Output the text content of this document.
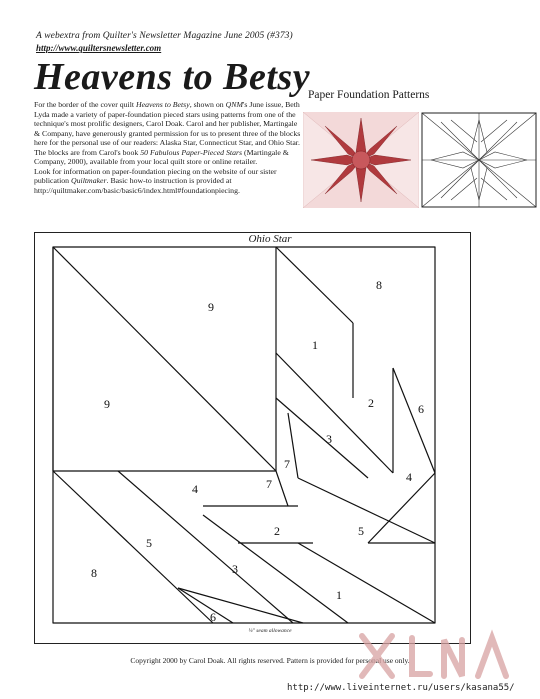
A webextra from Quilter's Newsletter Magazine June 2005 (#373)
http://www.quiltersnewsletter.com
Heavens to Betsy
Paper Foundation Patterns

For the border of the cover quilt Heavens to Betsy, shown on QNM's June issue, Beth Lyda made a variety of paper-foundation pieced stars using patterns from one of the technique's most prolific designers, Carol Doak. Carol and her publisher, Martingale & Company, have generously granted permission for us to present three of the blocks here for the personal use of our readers: Alaska Star, Connecticut Star, and Ohio Star. The blocks are from Carol's book 50 Fabulous Paper-Pieced Stars (Martingale & Company, 2000), available from your local quilt store or online retailer.

Look for information on paper-foundation piecing on the website of our sister publication Quiltmaker. Basic how-to instruction is provided at http://quiltmaker.com/basic/basic6/index.html#foundationpiecing.

Ohio Star
9
9
8
1
2	6
3
7
7
4
4
2	5
5
8	3
1
6
¼" seam allowance
Copyright 2000 by Carol Doak. All rights reserved. Pattern is provided for personal use only.
http://www.liveinternet.ru/users/kasana55/
